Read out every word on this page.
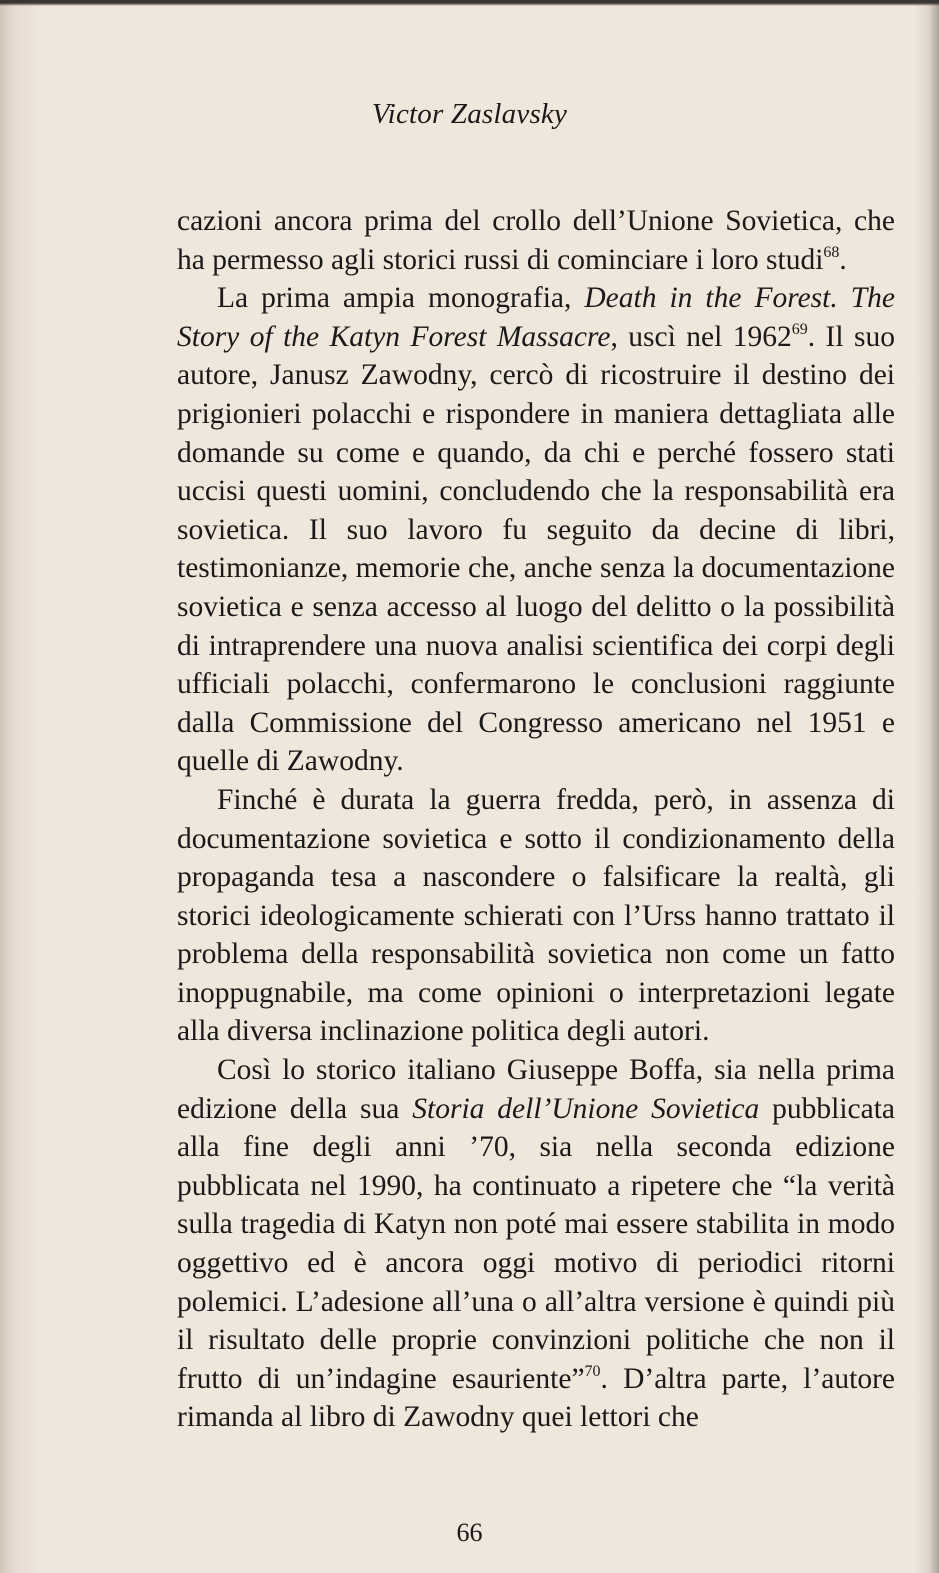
Victor Zaslavsky

cazioni ancora prima del crollo dell’Unione Sovietica, che
ha permesso agli storici russi di cominciare i loro studi$^{68}$.

La prima ampia monografia, Death in the Forest. The Story of the Katyn Forest Massacre, uscì nel 1962$^{69}$. Il suo autore, Janusz Zawodny, cercò di ricostruire il destino dei prigionieri polacchi e rispondere in maniera dettagliata alle domande su come e quando, da chi e perché fossero stati uccisi questi uomini, concludendo che la responsabilità era sovietica. Il suo lavoro fu seguito da decine di libri, testimonianze, memorie che, anche senza la documentazione sovietica e senza accesso al luogo del delitto o la possibilità di intraprendere una nuova analisi scientifica dei corpi degli ufficiali polacchi, confermarono le conclusioni raggiunte dalla Commissione del Congresso americano nel 1951 e quelle di Zawodny.

Finché è durata la guerra fredda, però, in assenza di documentazione sovietica e sotto il condizionamento della propaganda tesa a nascondere o falsificare la realtà, gli storici ideologicamente schierati con l’Urss hanno trattato il problema della responsabilità sovietica non come un fatto inoppugnabile, ma come opinioni o interpretazioni legate alla diversa inclinazione politica degli autori.

Così lo storico italiano Giuseppe Boffa, sia nella prima edizione della sua Storia dell’Unione Sovietica pubblicata alla fine degli anni ’70, sia nella seconda edizione pubblicata nel 1990, ha continuato a ripetere che “la verità sulla tragedia di Katyn non poté mai essere stabilita in modo oggettivo ed è ancora oggi motivo di periodici ritorni polemici. L’adesione all’una o all’altra versione è quindi più il risultato delle proprie convinzioni politiche che non il frutto di un’indagine esauriente”$^{70}$. D’altra parte, l’autore rimanda al libro di Zawodny quei lettori che

66
